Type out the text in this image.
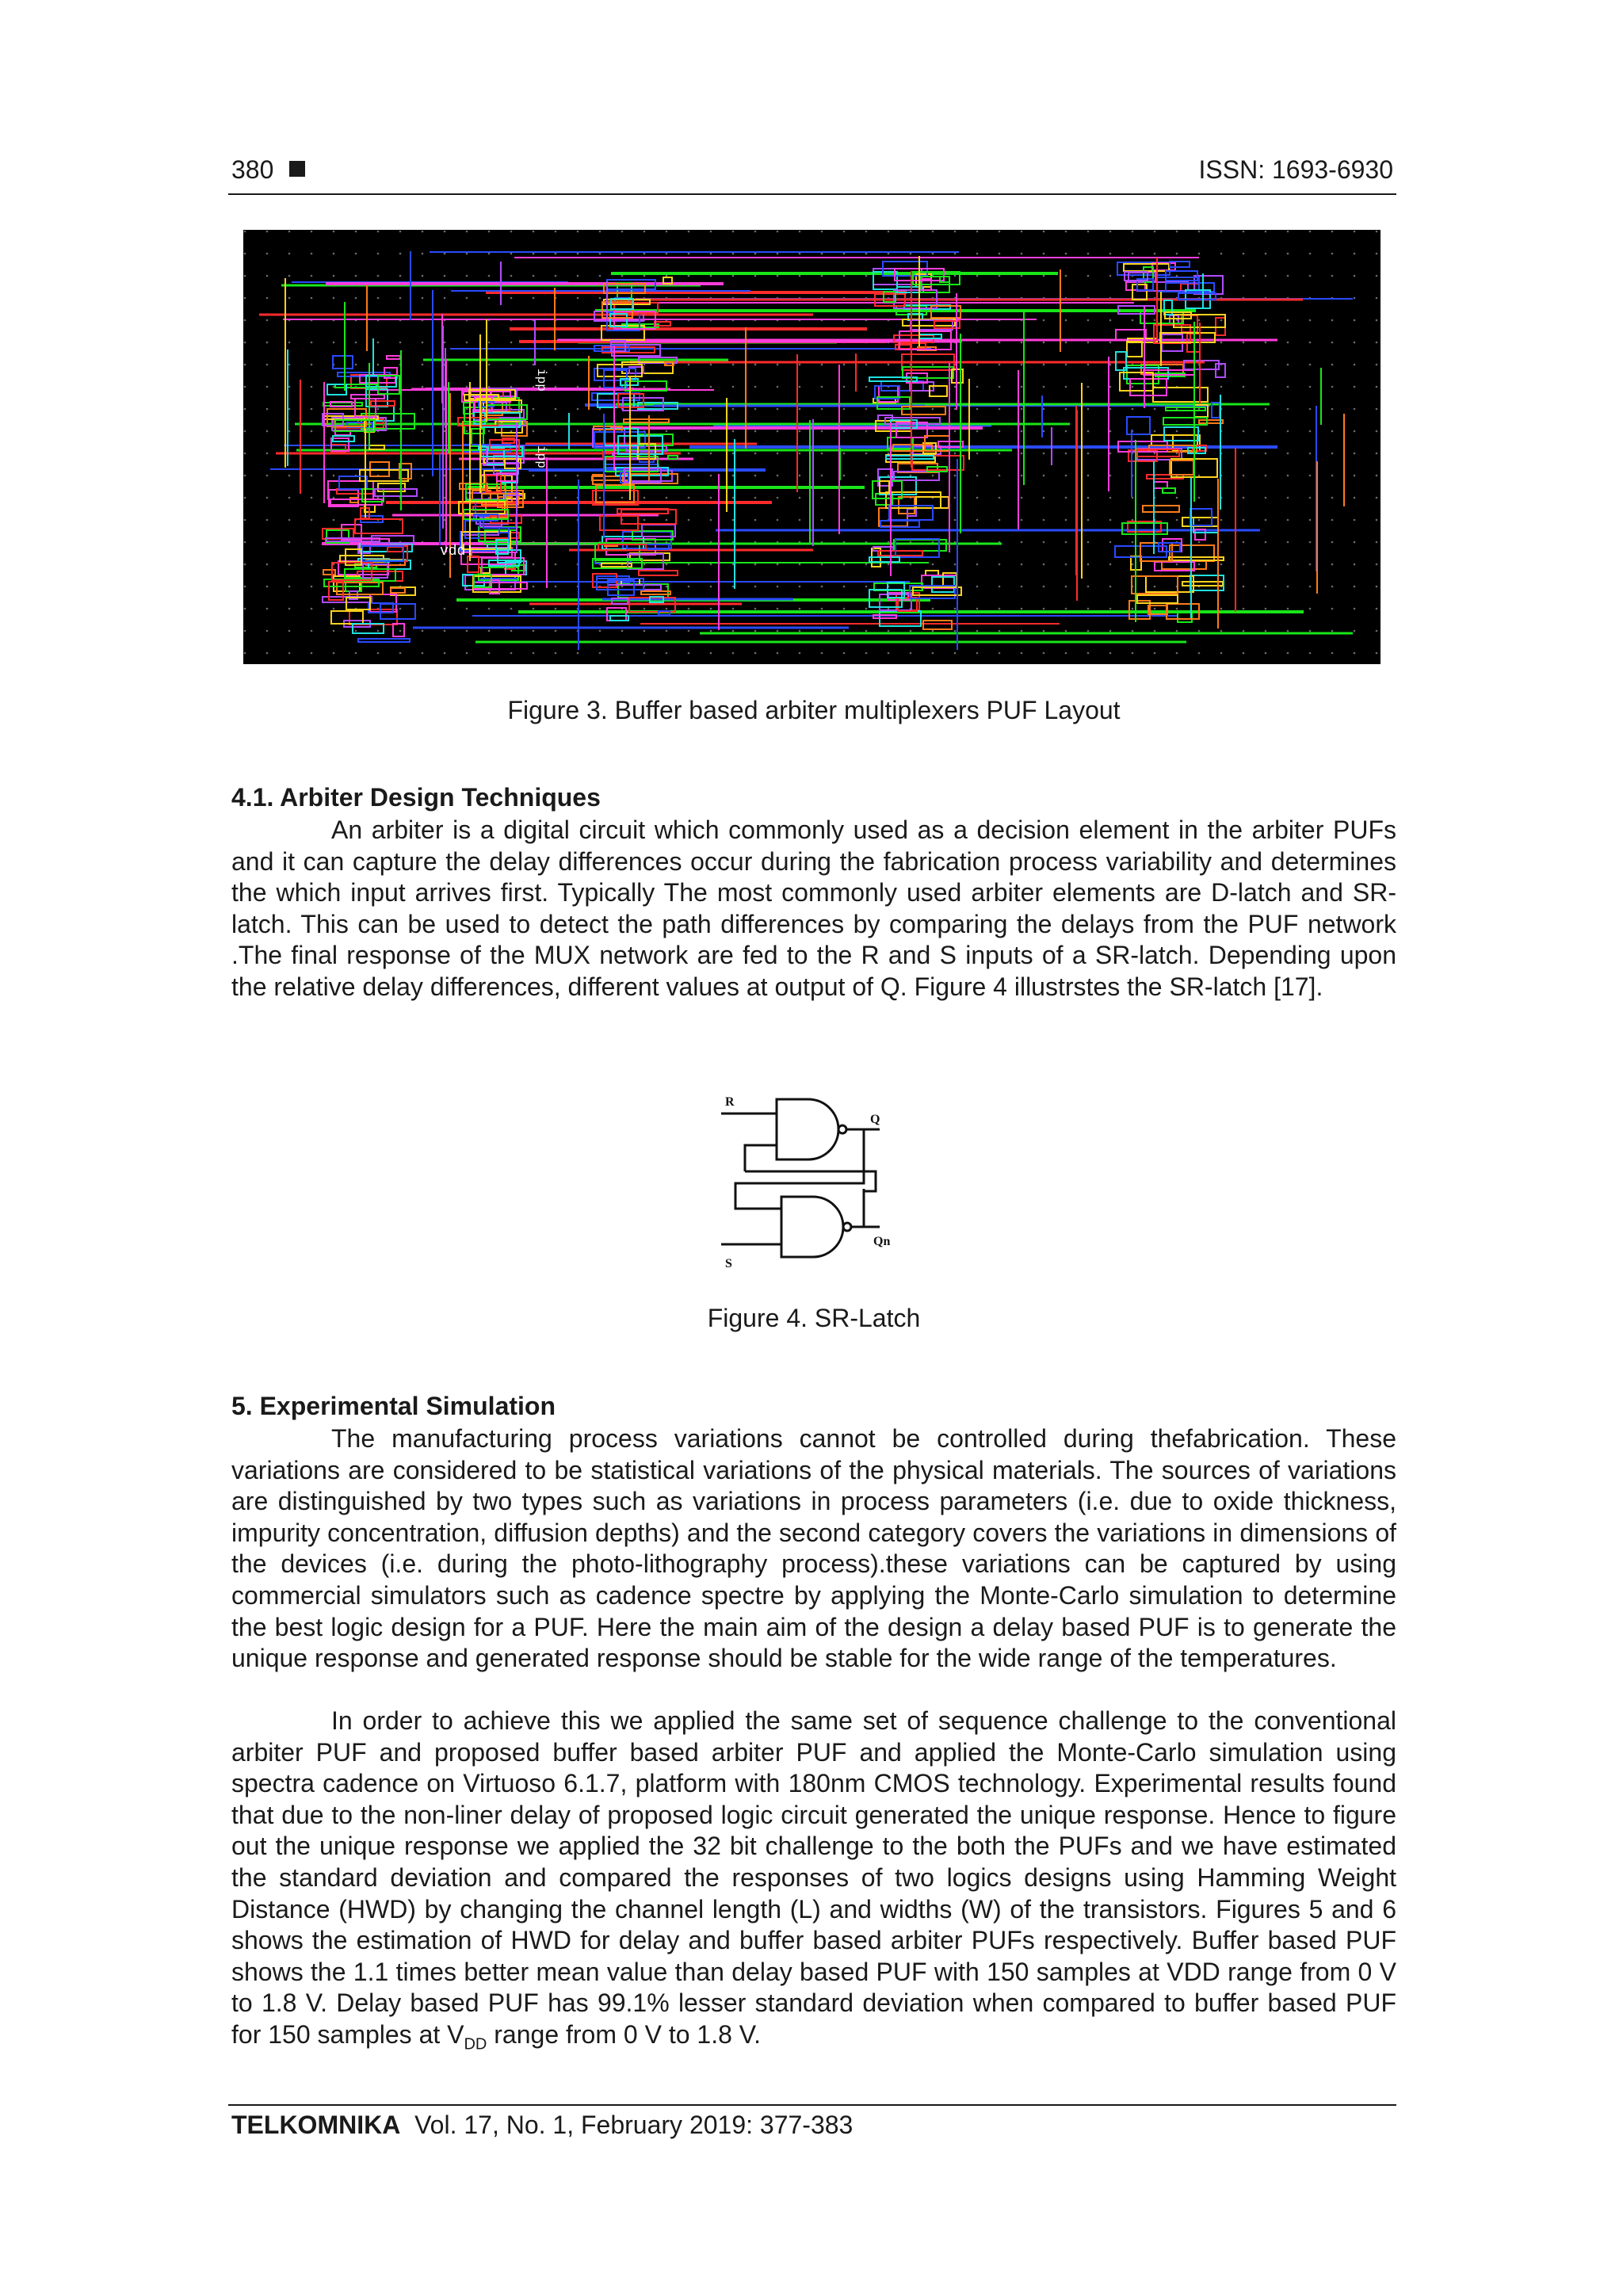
380	ISSN: 1693-6930
vdd!
ipp
ipp
Figure 3. Buffer based arbiter multiplexers PUF Layout
4.1. Arbiter Design Techniques

An arbiter is a digital circuit which commonly used as a decision element in the arbiter PUFs and it can capture the delay differences occur during the fabrication process variability and determines the which input arrives first. Typically The most commonly used arbiter elements are D-latch and SR-latch. This can be used to detect the path differences by comparing the delays from the PUF network .The final response of the MUX network are fed to the R and S inputs of a SR-latch. Depending upon the relative delay differences, different values at output of Q. Figure 4 illustrstes the SR-latch [17].

R
Q
S
Qn
Figure 4. SR-Latch
5. Experimental Simulation

The manufacturing process variations cannot be controlled during thefabrication. These variations are considered to be statistical variations of the physical materials. The sources of variations are distinguished by two types such as variations in process parameters (i.e. due to oxide thickness, impurity concentration, diffusion depths) and the second category covers the variations in dimensions of the devices (i.e. during the photo-lithography process).these variations can be captured by using commercial simulators such as cadence spectre by applying the Monte-Carlo simulation to determine the best logic design for a PUF. Here the main aim of the design a delay based PUF is to generate the unique response and generated response should be stable for the wide range of the temperatures.

In order to achieve this we applied the same set of sequence challenge to the conventional arbiter PUF and proposed buffer based arbiter PUF and applied the Monte-Carlo simulation using spectra cadence on Virtuoso 6.1.7, platform with 180nm CMOS technology. Experimental results found that due to the non-liner delay of proposed logic circuit generated the unique response. Hence to figure out the unique response we applied the 32 bit challenge to the both the PUFs and we have estimated the standard deviation and compared the responses of two logics designs using Hamming Weight Distance (HWD) by changing the channel length (L) and widths (W) of the transistors. Figures 5 and 6 shows the estimation of HWD for delay and buffer based arbiter PUFs respectively. Buffer based PUF shows the 1.1 times better mean value than delay based PUF with 150 samples at VDD range from 0 V to 1.8 V. Delay based PUF has 99.1% lesser standard deviation when compared to buffer based PUF for 150 samples at $V_{DD}$ range from 0 V to 1.8 V.

TELKOMNIKA Vol. 17, No. 1, February 2019: 377-383
